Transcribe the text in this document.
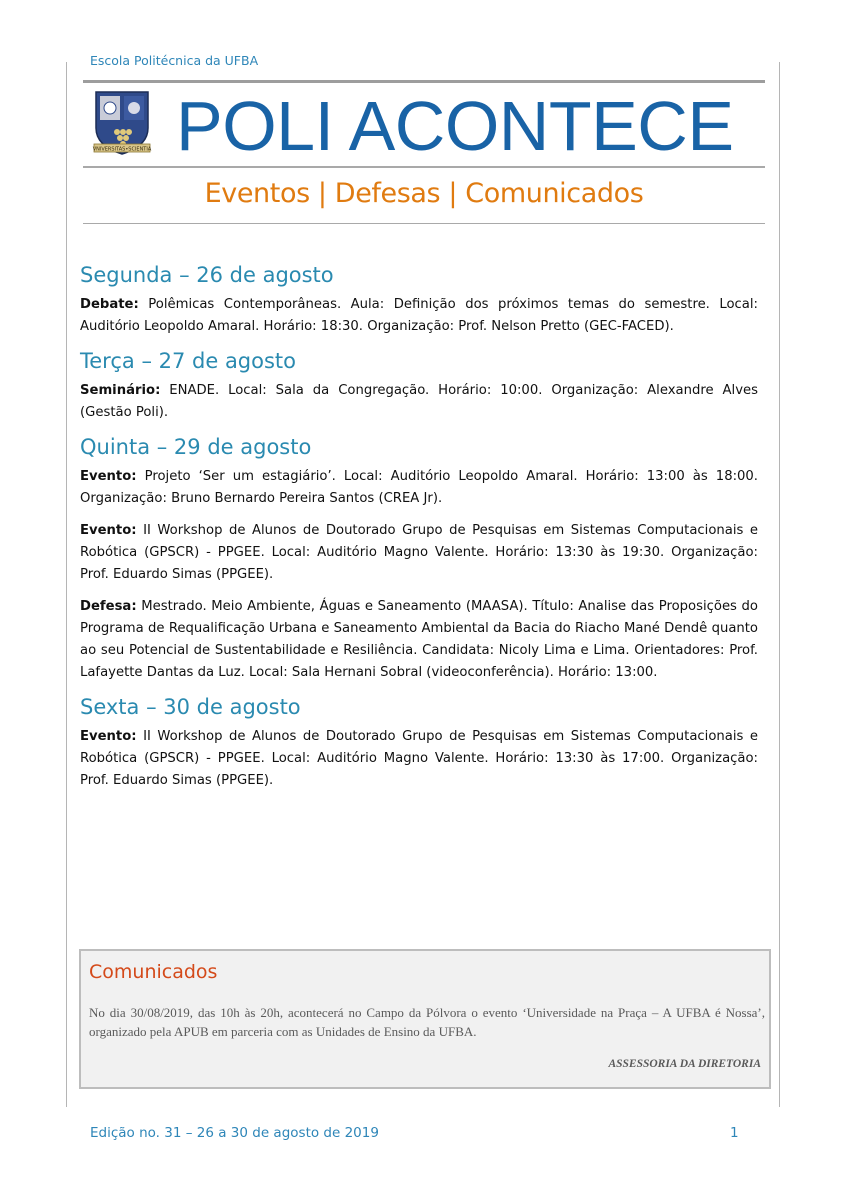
Escola Politécnica da UFBA
VNIVERSITAS•SCIENTIA POLI ACONTECE
Eventos | Defesas | Comunicados
Segunda – 26 de agosto

Debate: Polêmicas Contemporâneas. Aula: Definição dos próximos temas do semestre. Local: Auditório Leopoldo Amaral. Horário: 18:30. Organização: Prof. Nelson Pretto (GEC-FACED).

Terça – 27 de agosto

Seminário: ENADE. Local: Sala da Congregação. Horário: 10:00. Organização: Alexandre Alves (Gestão Poli).

Quinta – 29 de agosto

Evento: Projeto ‘Ser um estagiário’. Local: Auditório Leopoldo Amaral. Horário: 13:00 às 18:00. Organização: Bruno Bernardo Pereira Santos (CREA Jr).

Evento: II Workshop de Alunos de Doutorado Grupo de Pesquisas em Sistemas Computacionais e Robótica (GPSCR) - PPGEE. Local: Auditório Magno Valente. Horário: 13:30 às 19:30. Organização: Prof. Eduardo Simas (PPGEE).

Defesa: Mestrado. Meio Ambiente, Águas e Saneamento (MAASA). Título: Analise das Proposições do Programa de Requalificação Urbana e Saneamento Ambiental da Bacia do Riacho Mané Dendê quanto ao seu Potencial de Sustentabilidade e Resiliência. Candidata: Nicoly Lima e Lima. Orientadores: Prof. Lafayette Dantas da Luz. Local: Sala Hernani Sobral (videoconferência). Horário: 13:00.

Sexta – 30 de agosto

Evento: II Workshop de Alunos de Doutorado Grupo de Pesquisas em Sistemas Computacionais e Robótica (GPSCR) - PPGEE. Local: Auditório Magno Valente. Horário: 13:30 às 17:00. Organização: Prof. Eduardo Simas (PPGEE).

Comunicados
No dia 30/08/2019, das 10h às 20h, acontecerá no Campo da Pólvora o evento ‘Universidade na Praça – A UFBA é Nossa’, organizado pela APUB em parceria com as Unidades de Ensino da UFBA.
ASSESSORIA DA DIRETORIA
Edição no. 31 – 26 a 30 de agosto de 2019	1
